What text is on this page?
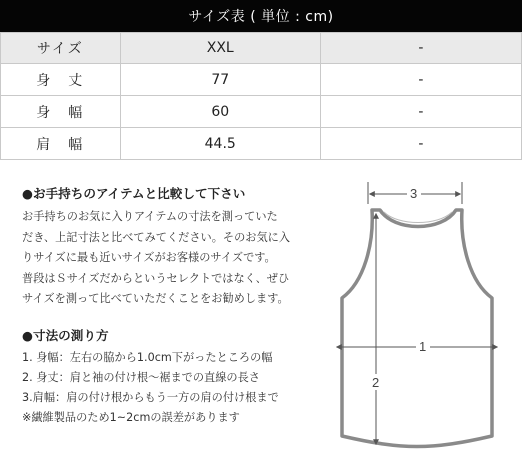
サイズ表 ( 単位 : cm)
サイズ	XXL	-
身　丈	77	-
身　幅	60	-
肩　幅	44.5	-
●お手持ちのアイテムと比較して下さい
お手持ちのお気に入りアイテムの寸法を測っていた
だき、上記寸法と比べてみてください。そのお気に入
りサイズに最も近いサイズがお客様のサイズです。
普段はＳサイズだからというセレクトではなく、ぜひ
サイズを測って比べていただくことをお勧めします。
●寸法の測り方
1. 身幅：左右の脇から1.0cm下がったところの幅
2. 身丈：肩と袖の付け根～裾までの直線の長さ
3.肩幅：肩の付け根からもう一方の肩の付け根まで
※繊維製品のため1~2cmの誤差があります
3
1
2
